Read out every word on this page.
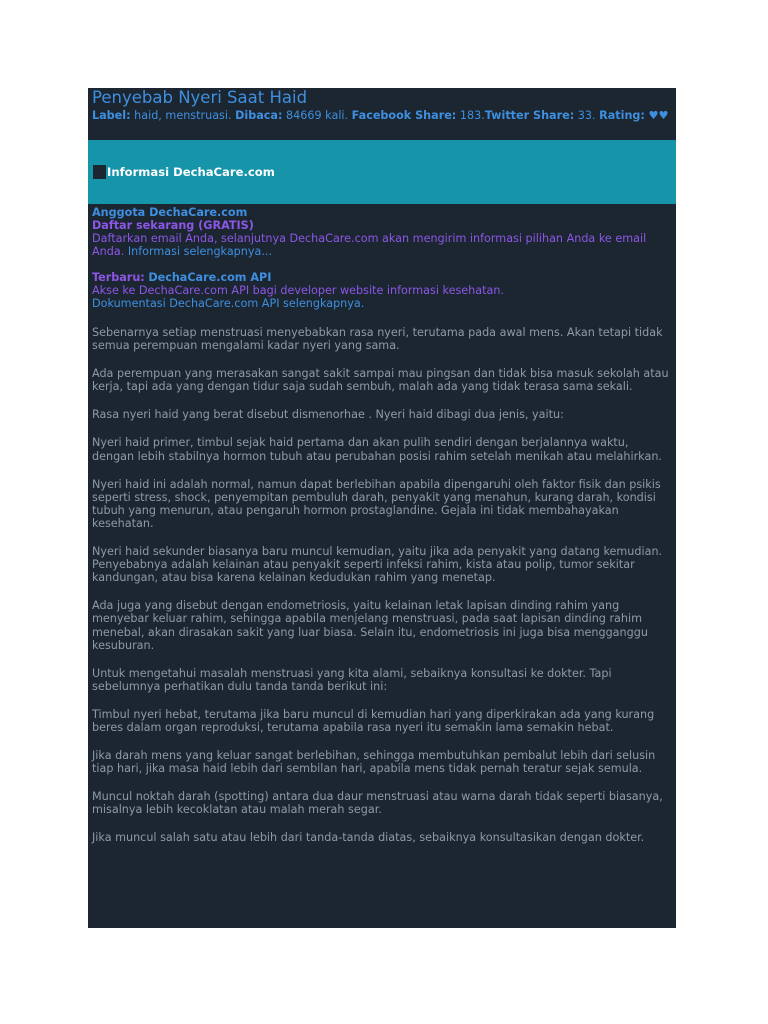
Penyebab Nyeri Saat Haid
Label: haid, menstruasi. Dibaca: 84669 kali. Facebook Share: 183.Twitter Share: 33. Rating: ♥♥
Informasi DechaCare.com
Anggota DechaCare.com
Daftar sekarang (GRATIS)
Daftarkan email Anda, selanjutnya DechaCare.com akan mengirim informasi pilihan Anda ke email Anda. Informasi selengkapnya...
Terbaru: DechaCare.com API
Akse ke DechaCare.com API bagi developer website informasi kesehatan.
Dokumentasi DechaCare.com API selengkapnya.

Sebenarnya setiap menstruasi menyebabkan rasa nyeri, terutama pada awal mens. Akan tetapi tidak semua perempuan mengalami kadar nyeri yang sama.

Ada perempuan yang merasakan sangat sakit sampai mau pingsan dan tidak bisa masuk sekolah atau kerja, tapi ada yang dengan tidur saja sudah sembuh, malah ada yang tidak terasa sama sekali.

Rasa nyeri haid yang berat disebut dismenorhae . Nyeri haid dibagi dua jenis, yaitu:

Nyeri haid primer, timbul sejak haid pertama dan akan pulih sendiri dengan berjalannya waktu, dengan lebih stabilnya hormon tubuh atau perubahan posisi rahim setelah menikah atau melahirkan.

Nyeri haid ini adalah normal, namun dapat berlebihan apabila dipengaruhi oleh faktor fisik dan psikis seperti stress, shock, penyempitan pembuluh darah, penyakit yang menahun, kurang darah, kondisi tubuh yang menurun, atau pengaruh hormon prostaglandine. Gejala ini tidak membahayakan kesehatan.

Nyeri haid sekunder biasanya baru muncul kemudian, yaitu jika ada penyakit yang datang kemudian. Penyebabnya adalah kelainan atau penyakit seperti infeksi rahim, kista atau polip, tumor sekitar kandungan, atau bisa karena kelainan kedudukan rahim yang menetap.

Ada juga yang disebut dengan endometriosis, yaitu kelainan letak lapisan dinding rahim yang menyebar keluar rahim, sehingga apabila menjelang menstruasi, pada saat lapisan dinding rahim menebal, akan dirasakan sakit yang luar biasa. Selain itu, endometriosis ini juga bisa mengganggu kesuburan.

Untuk mengetahui masalah menstruasi yang kita alami, sebaiknya konsultasi ke dokter. Tapi sebelumnya perhatikan dulu tanda tanda berikut ini:

Timbul nyeri hebat, terutama jika baru muncul di kemudian hari yang diperkirakan ada yang kurang beres dalam organ reproduksi, terutama apabila rasa nyeri itu semakin lama semakin hebat.

Jika darah mens yang keluar sangat berlebihan, sehingga membutuhkan pembalut lebih dari selusin tiap hari, jika masa haid lebih dari sembilan hari, apabila mens tidak pernah teratur sejak semula.

Muncul noktah darah (spotting) antara dua daur menstruasi atau warna darah tidak seperti biasanya, misalnya lebih kecoklatan atau malah merah segar.

Jika muncul salah satu atau lebih dari tanda-tanda diatas, sebaiknya konsultasikan dengan dokter.
